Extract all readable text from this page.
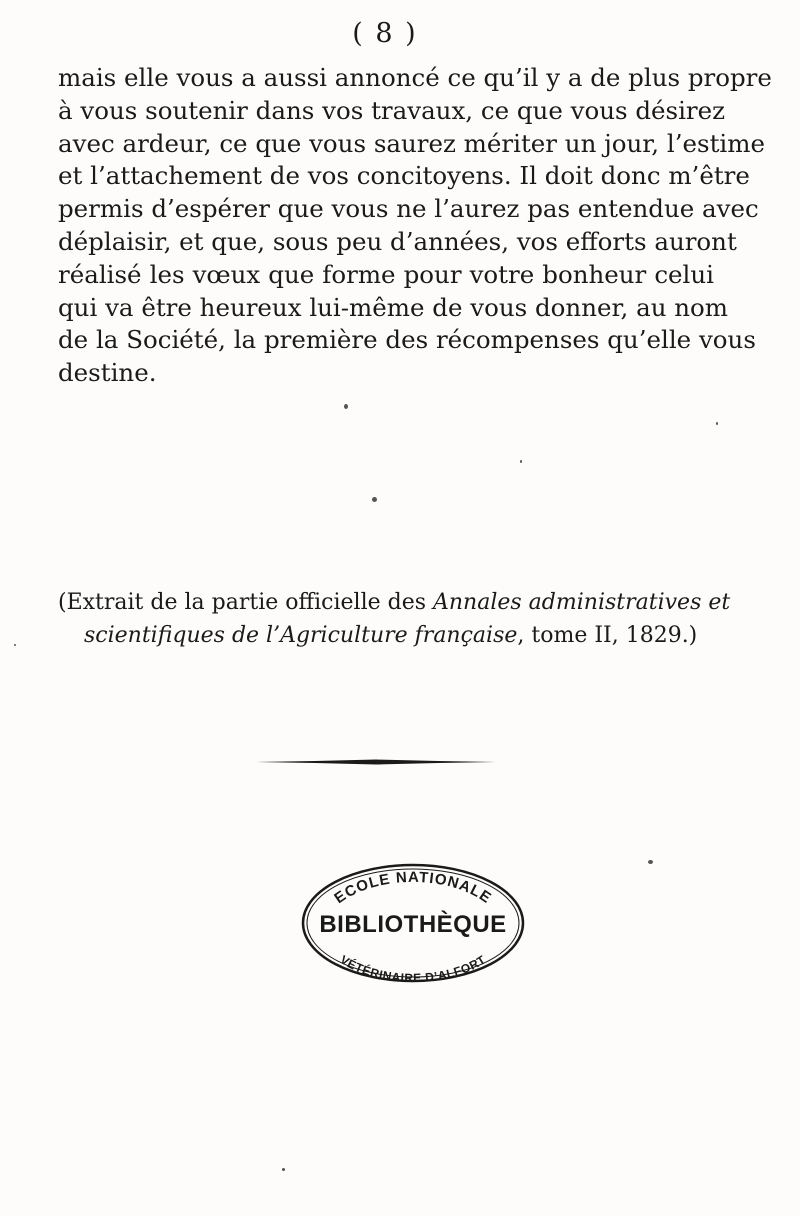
( 8 )
mais elle vous a aussi annoncé ce qu’il y a de plus propre
à vous soutenir dans vos travaux, ce que vous désirez
avec ardeur, ce que vous saurez mériter un jour, l’estime
et l’attachement de vos concitoyens. Il doit donc m’être
permis d’espérer que vous ne l’aurez pas entendue avec
déplaisir, et que, sous peu d’années, vos efforts auront
réalisé les vœux que forme pour votre bonheur celui
qui va être heureux lui-même de vous donner, au nom
de la Société, la première des récompenses qu’elle vous
destine.
(Extrait de la partie officielle des Annales administratives et
scientifiques de l’Agriculture française, tome II, 1829.)
ECOLE NATIONALE
BIBLIOTHÈQUE
VÉTÉRINAIRE D’ALFORT
